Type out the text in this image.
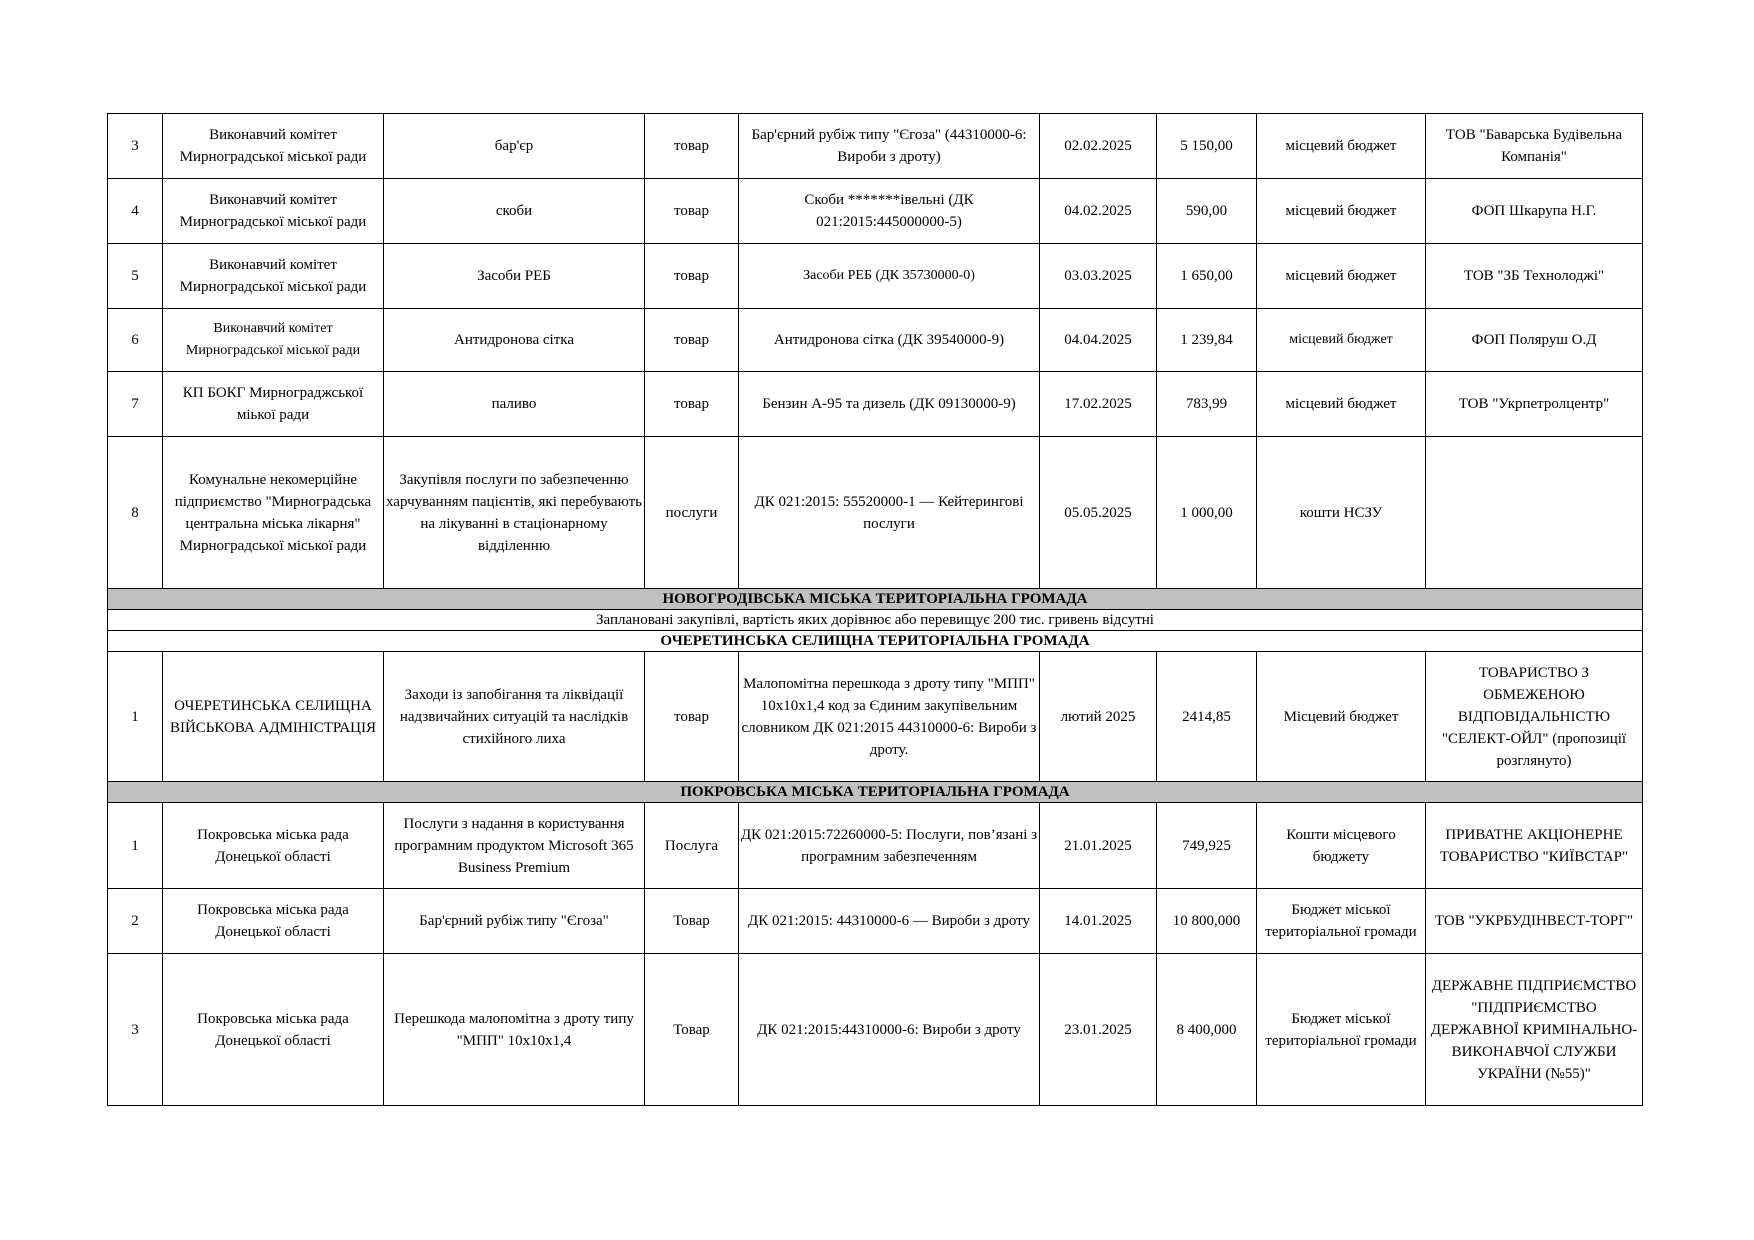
3	Виконавчий комітет Мирноградської міської ради	бар'єр	товар	Бар'єрний рубіж типу "Єгоза" (44310000-6: Вироби з дроту)	02.02.2025	5 150,00	місцевий бюджет	ТОВ "Баварська Будівельна Компанія"
4	Виконавчий комітет Мирноградської міської ради	скоби	товар	Скоби *******івельні (ДК 021:2015:445000000-5)	04.02.2025	590,00	місцевий бюджет	ФОП Шкарупа Н.Г.
5	Виконавчий комітет Мирноградської міської ради	Засоби РЕБ	товар	Засоби РЕБ (ДК 35730000-0)	03.03.2025	1 650,00	місцевий бюджет	ТОВ "ЗБ Технолоджі"
6	Виконавчий комітет Мирноградської міської ради	Антидронова сітка	товар	Антидронова сітка (ДК 39540000-9)	04.04.2025	1 239,84	місцевий бюджет	ФОП Поляруш О.Д
7	КП БОКГ Мирнограджської міької ради	паливо	товар	Бензин А-95 та дизель (ДК 09130000-9)	17.02.2025	783,99	місцевий бюджет	ТОВ "Укрпетролцентр"
8	Комунальне некомерційне підприємство "Мирноградська центральна міська лікарня" Мирноградської міської ради	Закупівля послуги по забезпеченню харчуванням пацієнтів, які перебувають на лікуванні в стаціонарному відділенню	послуги	ДК 021:2015: 55520000-1 — Кейтерингові послуги	05.05.2025	1 000,00	кошти НСЗУ	
НОВОГРОДІВСЬКА МІСЬКА ТЕРИТОРІАЛЬНА ГРОМАДА								
Заплановані закупівлі, вартість яких дорівнює або перевищує 200 тис. гривень відсутні								
ОЧЕРЕТИНСЬКА СЕЛИЩНА ТЕРИТОРІАЛЬНА ГРОМАДА								
1	ОЧЕРЕТИНСЬКА СЕЛИЩНА ВІЙСЬКОВА АДМІНІСТРАЦІЯ	Заходи із запобігання та ліквідації надзвичайних ситуацій та наслідків стихійного лиха	товар	Малопомітна перешкода з дроту типу "МПП" 10х10х1,4 код за Єдиним закупівельним словником ДК 021:2015 44310000-6: Вироби з дроту.	лютий 2025	2414,85	Місцевий бюджет	ТОВАРИСТВО З ОБМЕЖЕНОЮ ВІДПОВІДАЛЬНІСТЮ "СЕЛЕКТ-ОЙЛ" (пропозиції розглянуто)
ПОКРОВСЬКА МІСЬКА ТЕРИТОРІАЛЬНА ГРОМАДА								
1	Покровська міська рада Донецької області	Послуги з надання в користування програмним продуктом Microsoft 365 Business Premium	Послуга	ДК 021:2015:72260000-5: Послуги, пов’язані з програмним забезпеченням	21.01.2025	749,925	Кошти місцевого бюджету	ПРИВАТНЕ АКЦІОНЕРНЕ ТОВАРИСТВО "КИЇВСТАР"
2	Покровська міська рада Донецької області	Бар'єрний рубіж типу "Єгоза"	Товар	ДК 021:2015: 44310000-6 — Вироби з дроту	14.01.2025	10 800,000	Бюджет міської територіальної громади	ТОВ "УКРБУДІНВЕСТ-ТОРГ"
3	Покровська міська рада Донецької області	Перешкода малопомітна з дроту типу "МПП" 10х10х1,4	Товар	ДК 021:2015:44310000-6: Вироби з дроту	23.01.2025	8 400,000	Бюджет міської територіальної громади	ДЕРЖАВНЕ ПІДПРИЄМСТВО "ПІДПРИЄМСТВО ДЕРЖАВНОЇ КРИМІНАЛЬНО-ВИКОНАВЧОЇ СЛУЖБИ УКРАЇНИ (№55)"
